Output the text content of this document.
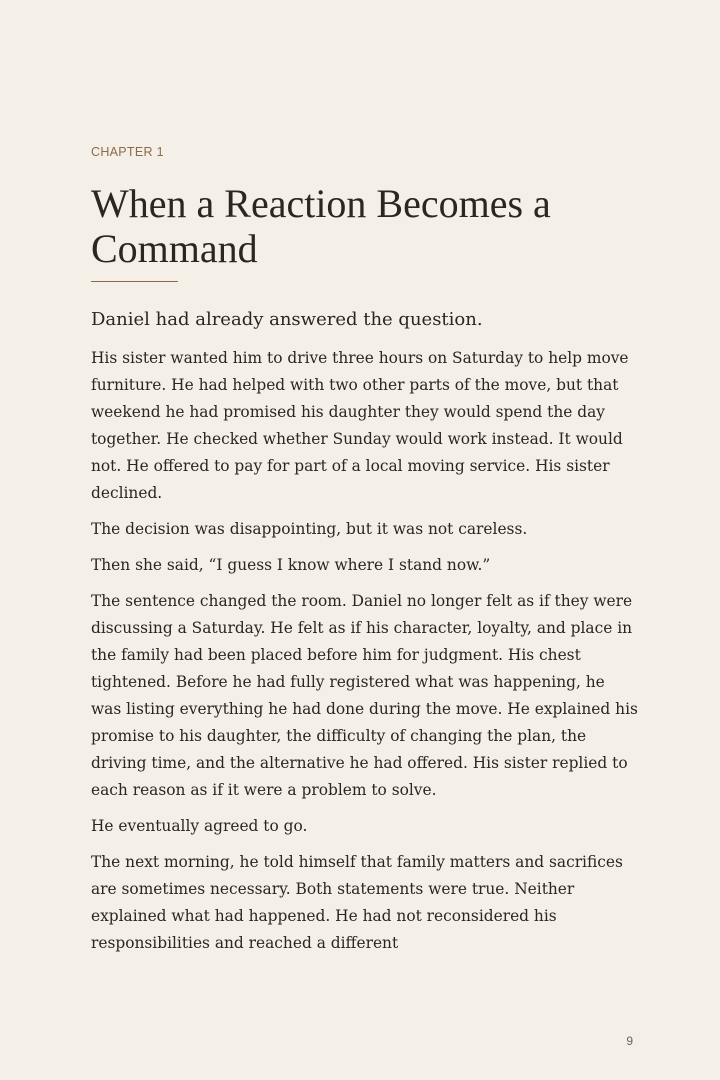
CHAPTER 1
When a Reaction Becomes a Command

Daniel had already answered the question.

His sister wanted him to drive three hours on Saturday to help move furniture. He had helped with two other parts of the move, but that weekend he had promised his daughter they would spend the day together. He checked whether Sunday would work instead. It would not. He offered to pay for part of a local moving service. His sister declined.

The decision was disappointing, but it was not careless.

Then she said, “I guess I know where I stand now.”

The sentence changed the room. Daniel no longer felt as if they were discussing a Saturday. He felt as if his character, loyalty, and place in the family had been placed before him for judgment. His chest tightened. Before he had fully registered what was happening, he was listing everything he had done during the move. He explained his promise to his daughter, the difficulty of changing the plan, the driving time, and the alternative he had offered. His sister replied to each reason as if it were a problem to solve.

He eventually agreed to go.

The next morning, he told himself that family matters and sacrifices are sometimes necessary. Both statements were true. Neither explained what had happened. He had not reconsidered his responsibilities and reached a different

9
